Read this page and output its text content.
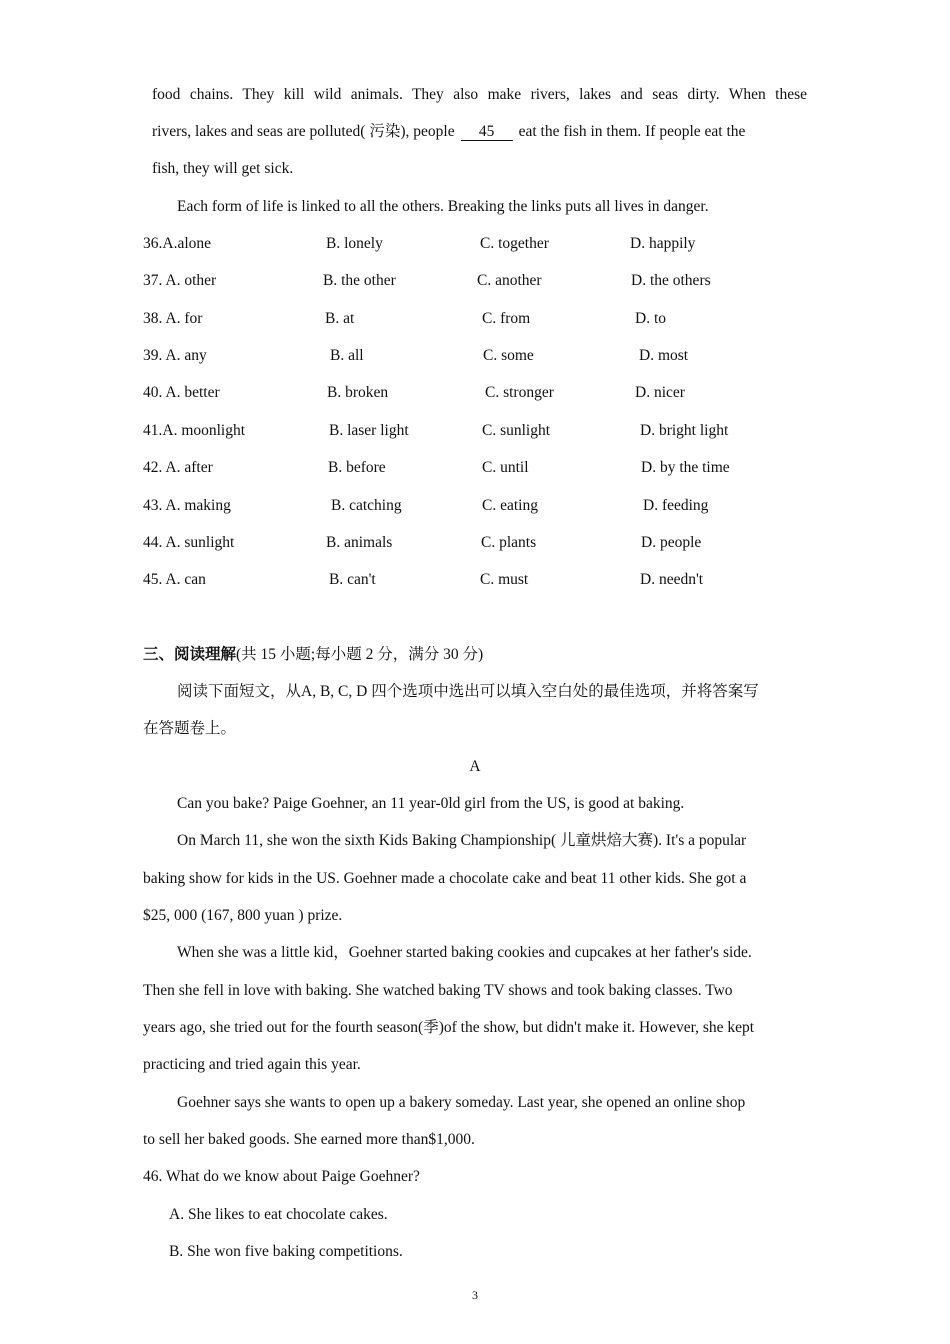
food chains. They kill wild animals. They also make rivers, lakes and seas dirty. When these
rivers, lakes and seas are polluted( 污染), people 45 eat the fish in them. If people eat the
fish, they will get sick.
Each form of life is linked to all the others. Breaking the links puts all lives in danger.
36.A.alone	B. lonely	C. together	D. happily
37. A. other	B. the other	C. another	D. the others
38. A. for	B. at	C. from	D. to
39. A. any	B. all	C. some	D. most
40. A. better	B. broken	C. stronger	D. nicer
41.A. moonlight	B. laser light	C. sunlight	D. bright light
42. A. after	B. before	C. until	D. by the time
43. A. making	B. catching	C. eating	D. feeding
44. A. sunlight	B. animals	C. plants	D. people
45. A. can	B. can't	C. must	D. needn't
三、阅读理解(共 15 小题;每小题 2 分，满分 30 分)
阅读下面短文，从A, B, C, D 四个选项中选出可以填入空白处的最佳选项，并将答案写
在答题卷上。
A
Can you bake? Paige Goehner, an 11 year-0ld girl from the US, is good at baking.
On March 11, she won the sixth Kids Baking Championship( 儿童烘焙大赛). It's a popular
baking show for kids in the US. Goehner made a chocolate cake and beat 11 other kids. She got a
$25, 000 (167, 800 yuan ) prize.
When she was a little kid，Goehner started baking cookies and cupcakes at her father's side.
Then she fell in love with baking. She watched baking TV shows and took baking classes. Two
years ago, she tried out for the fourth season(季)of the show, but didn't make it. However, she kept
practicing and tried again this year.
Goehner says she wants to open up a bakery someday. Last year, she opened an online shop
to sell her baked goods. She earned more than$1,000.
46. What do we know about Paige Goehner?
A. She likes to eat chocolate cakes.
B. She won five baking competitions.
3
